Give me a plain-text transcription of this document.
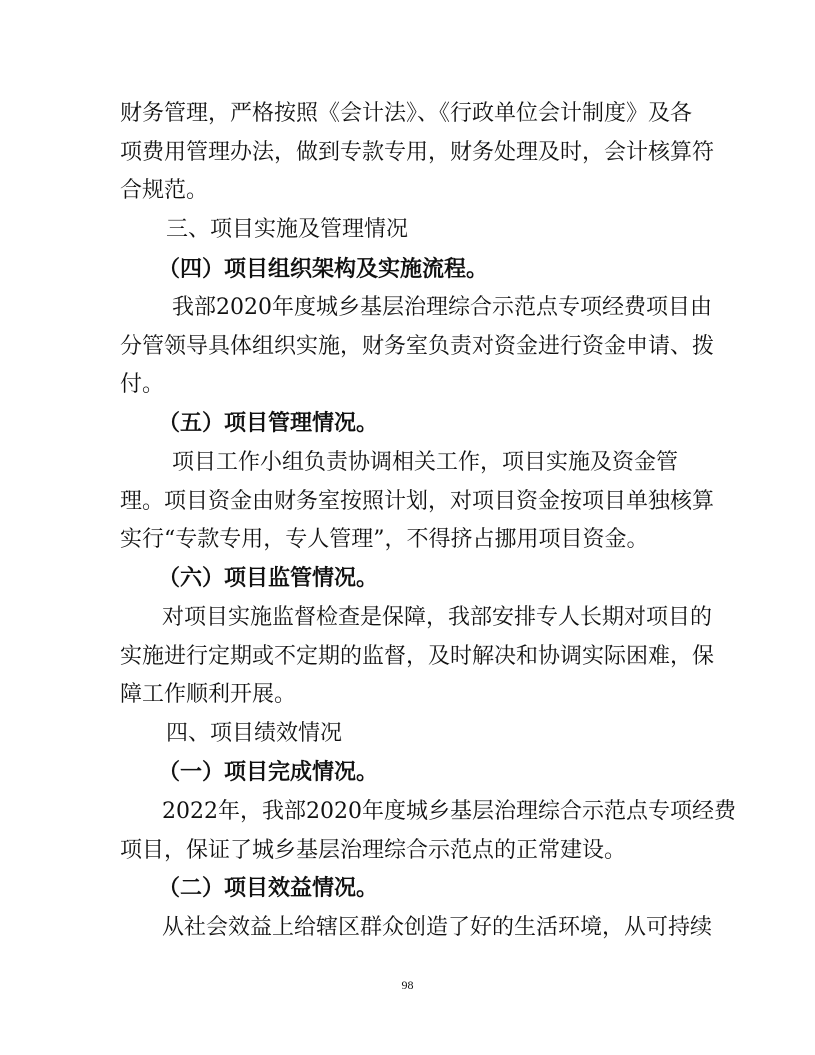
财务管理，严格按照《会计法》、《行政单位会计制度》及各
项费用管理办法，做到专款专用，财务处理及时，会计核算符
合规范。
三、项目实施及管理情况
（四）项目组织架构及实施流程。
我部2020年度城乡基层治理综合示范点专项经费项目由
分管领导具体组织实施，财务室负责对资金进行资金申请、拨
付。
（五）项目管理情况。
项目工作小组负责协调相关工作，项目实施及资金管
理。项目资金由财务室按照计划，对项目资金按项目单独核算
实行“专款专用，专人管理”，不得挤占挪用项目资金。
（六）项目监管情况。
对项目实施监督检查是保障，我部安排专人长期对项目的
实施进行定期或不定期的监督，及时解决和协调实际困难，保
障工作顺利开展。
四、项目绩效情况
（一）项目完成情况。
2022年，我部2020年度城乡基层治理综合示范点专项经费
项目，保证了城乡基层治理综合示范点的正常建设。
（二）项目效益情况。
从社会效益上给辖区群众创造了好的生活环境，从可持续
98
